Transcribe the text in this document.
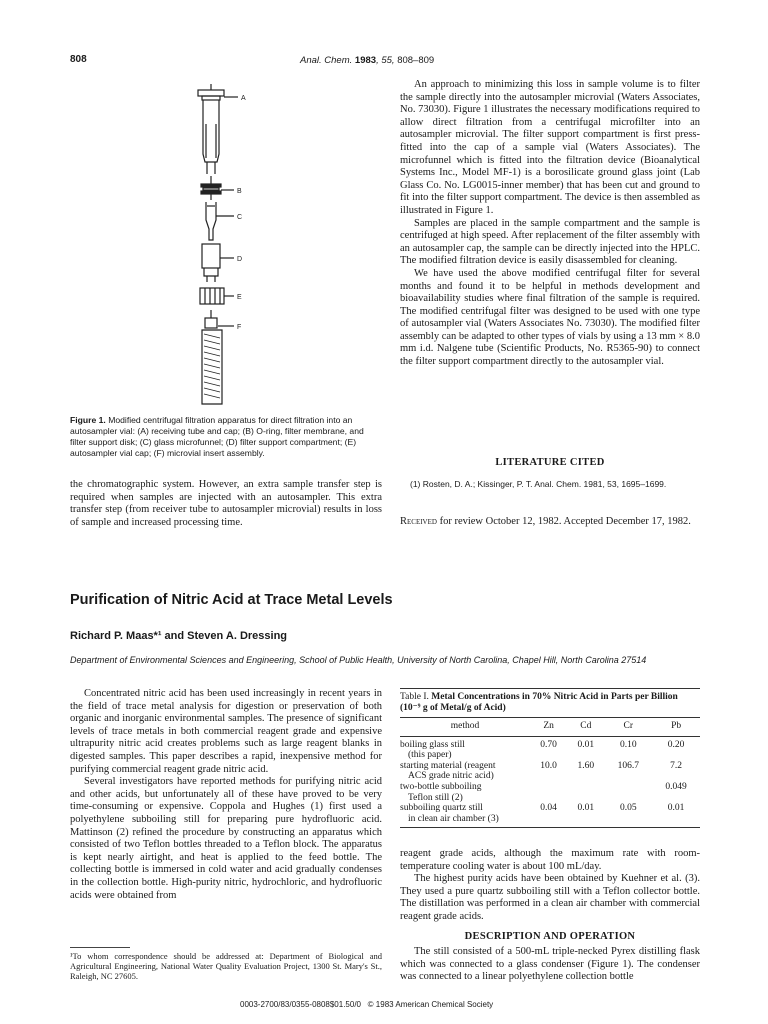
808	Anal. Chem. 1983, 55, 808–809
A
B
C
D
E
F
Figure 1. Modified centrifugal filtration apparatus for direct filtration into an autosampler vial: (A) receiving tube and cap; (B) O-ring, filter membrane, and filter support disk; (C) glass microfunnel; (D) filter support compartment; (E) autosampler vial cap; (F) microvial insert assembly.
the chromatographic system. However, an extra sample transfer step is required when samples are injected with an autosampler. This extra transfer step (from receiver tube to autosampler microvial) results in loss of sample and increased processing time.

An approach to minimizing this loss in sample volume is to filter the sample directly into the autosampler microvial (Waters Associates, No. 73030). Figure 1 illustrates the necessary modifications required to allow direct filtration from a centrifugal microfilter into an autosampler microvial. The filter support compartment is first press-fitted into the cap of a sample vial (Waters Associates). The microfunnel which is fitted into the filtration device (Bioanalytical Systems Inc., Model MF-1) is a borosilicate ground glass joint (Lab Glass Co. No. LG0015-inner member) that has been cut and ground to fit into the filter support compartment. The device is then assembled as illustrated in Figure 1.

Samples are placed in the sample compartment and the sample is centrifuged at high speed. After replacement of the filter assembly with an autosampler cap, the sample can be directly injected into the HPLC. The modified filtration device is easily disassembled for cleaning.

We have used the above modified centrifugal filter for several months and found it to be helpful in methods development and bioavailability studies where final filtration of the sample is required. The modified centrifugal filter was designed to be used with one type of autosampler vial (Waters Associates No. 73030). The modified filter assembly can be adapted to other types of vials by using a 13 mm × 8.0 mm i.d. Nalgene tube (Scientific Products, No. R5365-90) to connect the filter support compartment directly to the autosampler vial.

LITERATURE CITED
(1) Rosten, D. A.; Kissinger, P. T. Anal. Chem. 1981, 53, 1695–1699.
Received for review October 12, 1982. Accepted December 17, 1982.
Purification of Nitric Acid at Trace Metal Levels
Richard P. Maas*¹ and Steven A. Dressing
Department of Environmental Sciences and Engineering, School of Public Health, University of North Carolina, Chapel Hill, North Carolina 27514

Concentrated nitric acid has been used increasingly in recent years in the field of trace metal analysis for digestion or preservation of both organic and inorganic environmental samples. The presence of significant levels of trace metals in both commercial reagent grade and expensive ultrapurity nitric acid creates problems such as large reagent blanks in digested samples. This paper describes a rapid, inexpensive method for purifying commercial reagent grade nitric acid.

Several investigators have reported methods for purifying nitric acid and other acids, but unfortunately all of these have proved to be very time-consuming or expensive. Coppola and Hughes (1) first used a polyethylene subboiling still for preparing pure hydrofluoric acid. Mattinson (2) refined the procedure by constructing an apparatus which consisted of two Teflon bottles threaded to a Teflon block. The apparatus is kept nearly airtight, and heat is applied to the feed bottle. The collecting bottle is immersed in cold water and acid gradually condenses in the collection bottle. High-purity nitric, hydrochloric, and hydrofluoric acids were obtained from

¹To whom correspondence should be addressed at: Department of Biological and Agricultural Engineering, National Water Quality Evaluation Project, 1300 St. Mary's St., Raleigh, NC 27605.
Table I. Metal Concentrations in 70% Nitric Acid in Parts per Billion (10⁻⁹ g of Metal/g of Acid)
method	Zn	Cd	Cr	Pb
boiling glass still
(this paper)	0.70	0.01	0.10	0.20
starting material (reagent
ACS grade nitric acid)	10.0	1.60	106.7	7.2
two-bottle subboiling
Teflon still (2)				0.049
subboiling quartz still
in clean air chamber (3)	0.04	0.01	0.05	0.01

reagent grade acids, although the maximum rate with room-temperature cooling water is about 100 mL/day.

The highest purity acids have been obtained by Kuehner et al. (3). They used a pure quartz subboiling still with a Teflon collector bottle. The distillation was performed in a clean air chamber with commercial reagent grade acids.

DESCRIPTION AND OPERATION
The still consisted of a 500-mL triple-necked Pyrex distilling flask which was connected to a glass condenser (Figure 1). The condenser was connected to a linear polyethylene collection bottle
0003-2700/83/0355-0808$01.50/0 © 1983 American Chemical Society
